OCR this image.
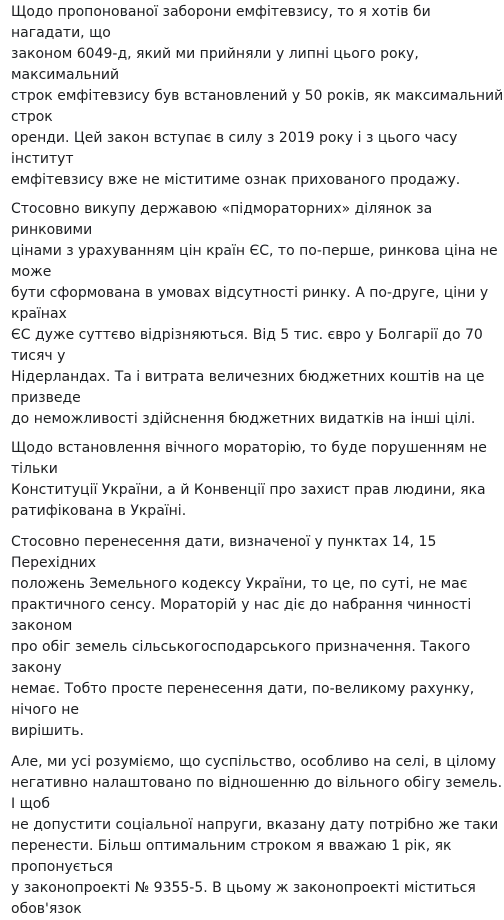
Щодо пропонованої заборони емфітевзису, то я хотів би нагадати, що
законом 6049-д, який ми прийняли у липні цього року, максимальний
строк емфітевзису був встановлений у 50 років, як максимальний строк
оренди. Цей закон вступає в силу з 2019 року і з цього часу інститут
емфітевзису вже не міститиме ознак прихованого продажу.

Стосовно викупу державою «підмораторних» ділянок за ринковими
цінами з урахуванням цін країн ЄС, то по-перше, ринкова ціна не може
бути сформована в умовах відсутності ринку. А по-друге, ціни у країнах
ЄС дуже суттєво відрізняються. Від 5 тис. євро у Болгарії до 70 тисяч у
Нідерландах. Та і витрата величезних бюджетних коштів на це призведе
до неможливості здійснення бюджетних видатків на інші цілі.

Щодо встановлення вічного мораторію, то буде порушенням не тільки
Конституції України, а й Конвенції про захист прав людини, яка
ратифікована в Україні.

Стосовно перенесення дати, визначеної у пунктах 14, 15 Перехідних
положень Земельного кодексу України, то це, по суті, не має
практичного сенсу. Мораторій у нас діє до набрання чинності законом
про обіг земель сільськогосподарського призначення. Такого закону
немає. Тобто просте перенесення дати, по-великому рахунку, нічого не
вирішить.

Але, ми усі розуміємо, що суспільство, особливо на селі, в цілому
негативно налаштовано по відношенню до вільного обігу земель. І щоб
не допустити соціальної напруги, вказану дату потрібно же таки
перенести. Більш оптимальним строком я вважаю 1 рік, як пропонується
у законопроекті № 9355-5. В цьому ж законопроекті міститься обов'язок
